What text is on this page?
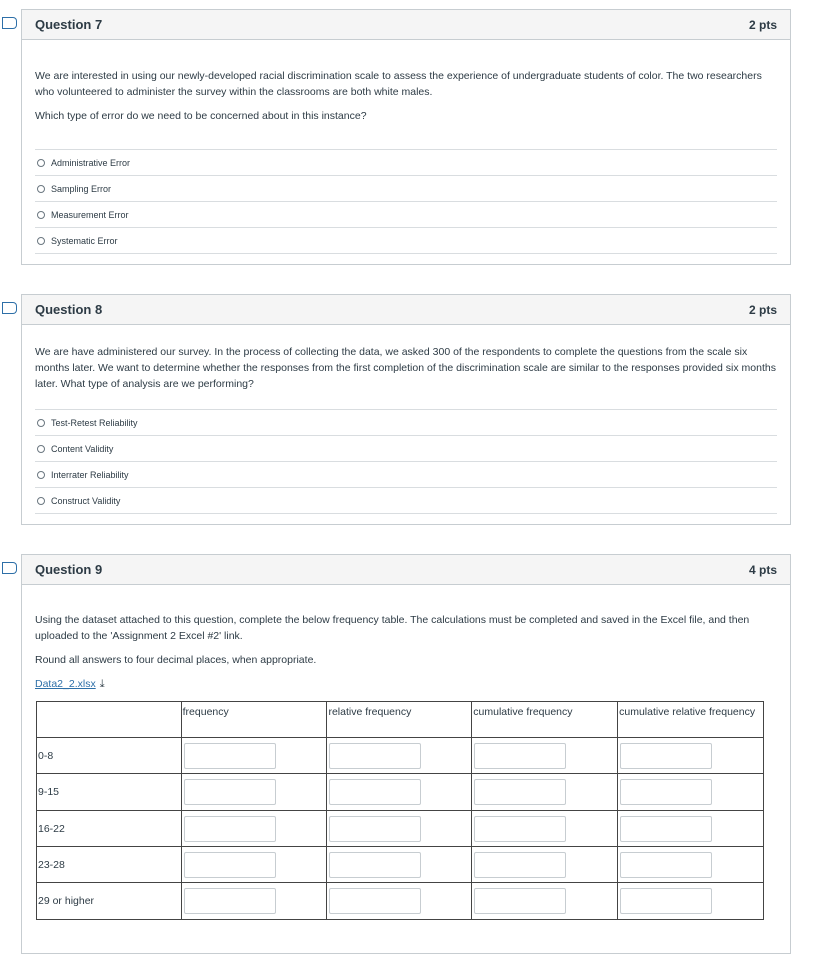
Question 7	2 pts

We are interested in using our newly-developed racial discrimination scale to assess the experience of undergraduate students of color. The two researchers who volunteered to administer the survey within the classrooms are both white males.

Which type of error do we need to be concerned about in this instance?

Administrative Error
Sampling Error
Measurement Error
Systematic Error
Question 8	2 pts

We are have administered our survey. In the process of collecting the data, we asked 300 of the respondents to complete the questions from the scale six months later. We want to determine whether the responses from the first completion of the discrimination scale are similar to the responses provided six months later. What type of analysis are we performing?

Test-Retest Reliability
Content Validity
Interrater Reliability
Construct Validity
Question 9	4 pts

Using the dataset attached to this question, complete the below frequency table. The calculations must be completed and saved in the Excel file, and then uploaded to the 'Assignment 2 Excel #2' link.

Round all answers to four decimal places, when appropriate.

Data2_2.xlsx ⤓

	frequency	relative frequency	cumulative frequency	cumulative relative frequency
0-8	

9-15	

16-22	

23-28	

29 or higher	
